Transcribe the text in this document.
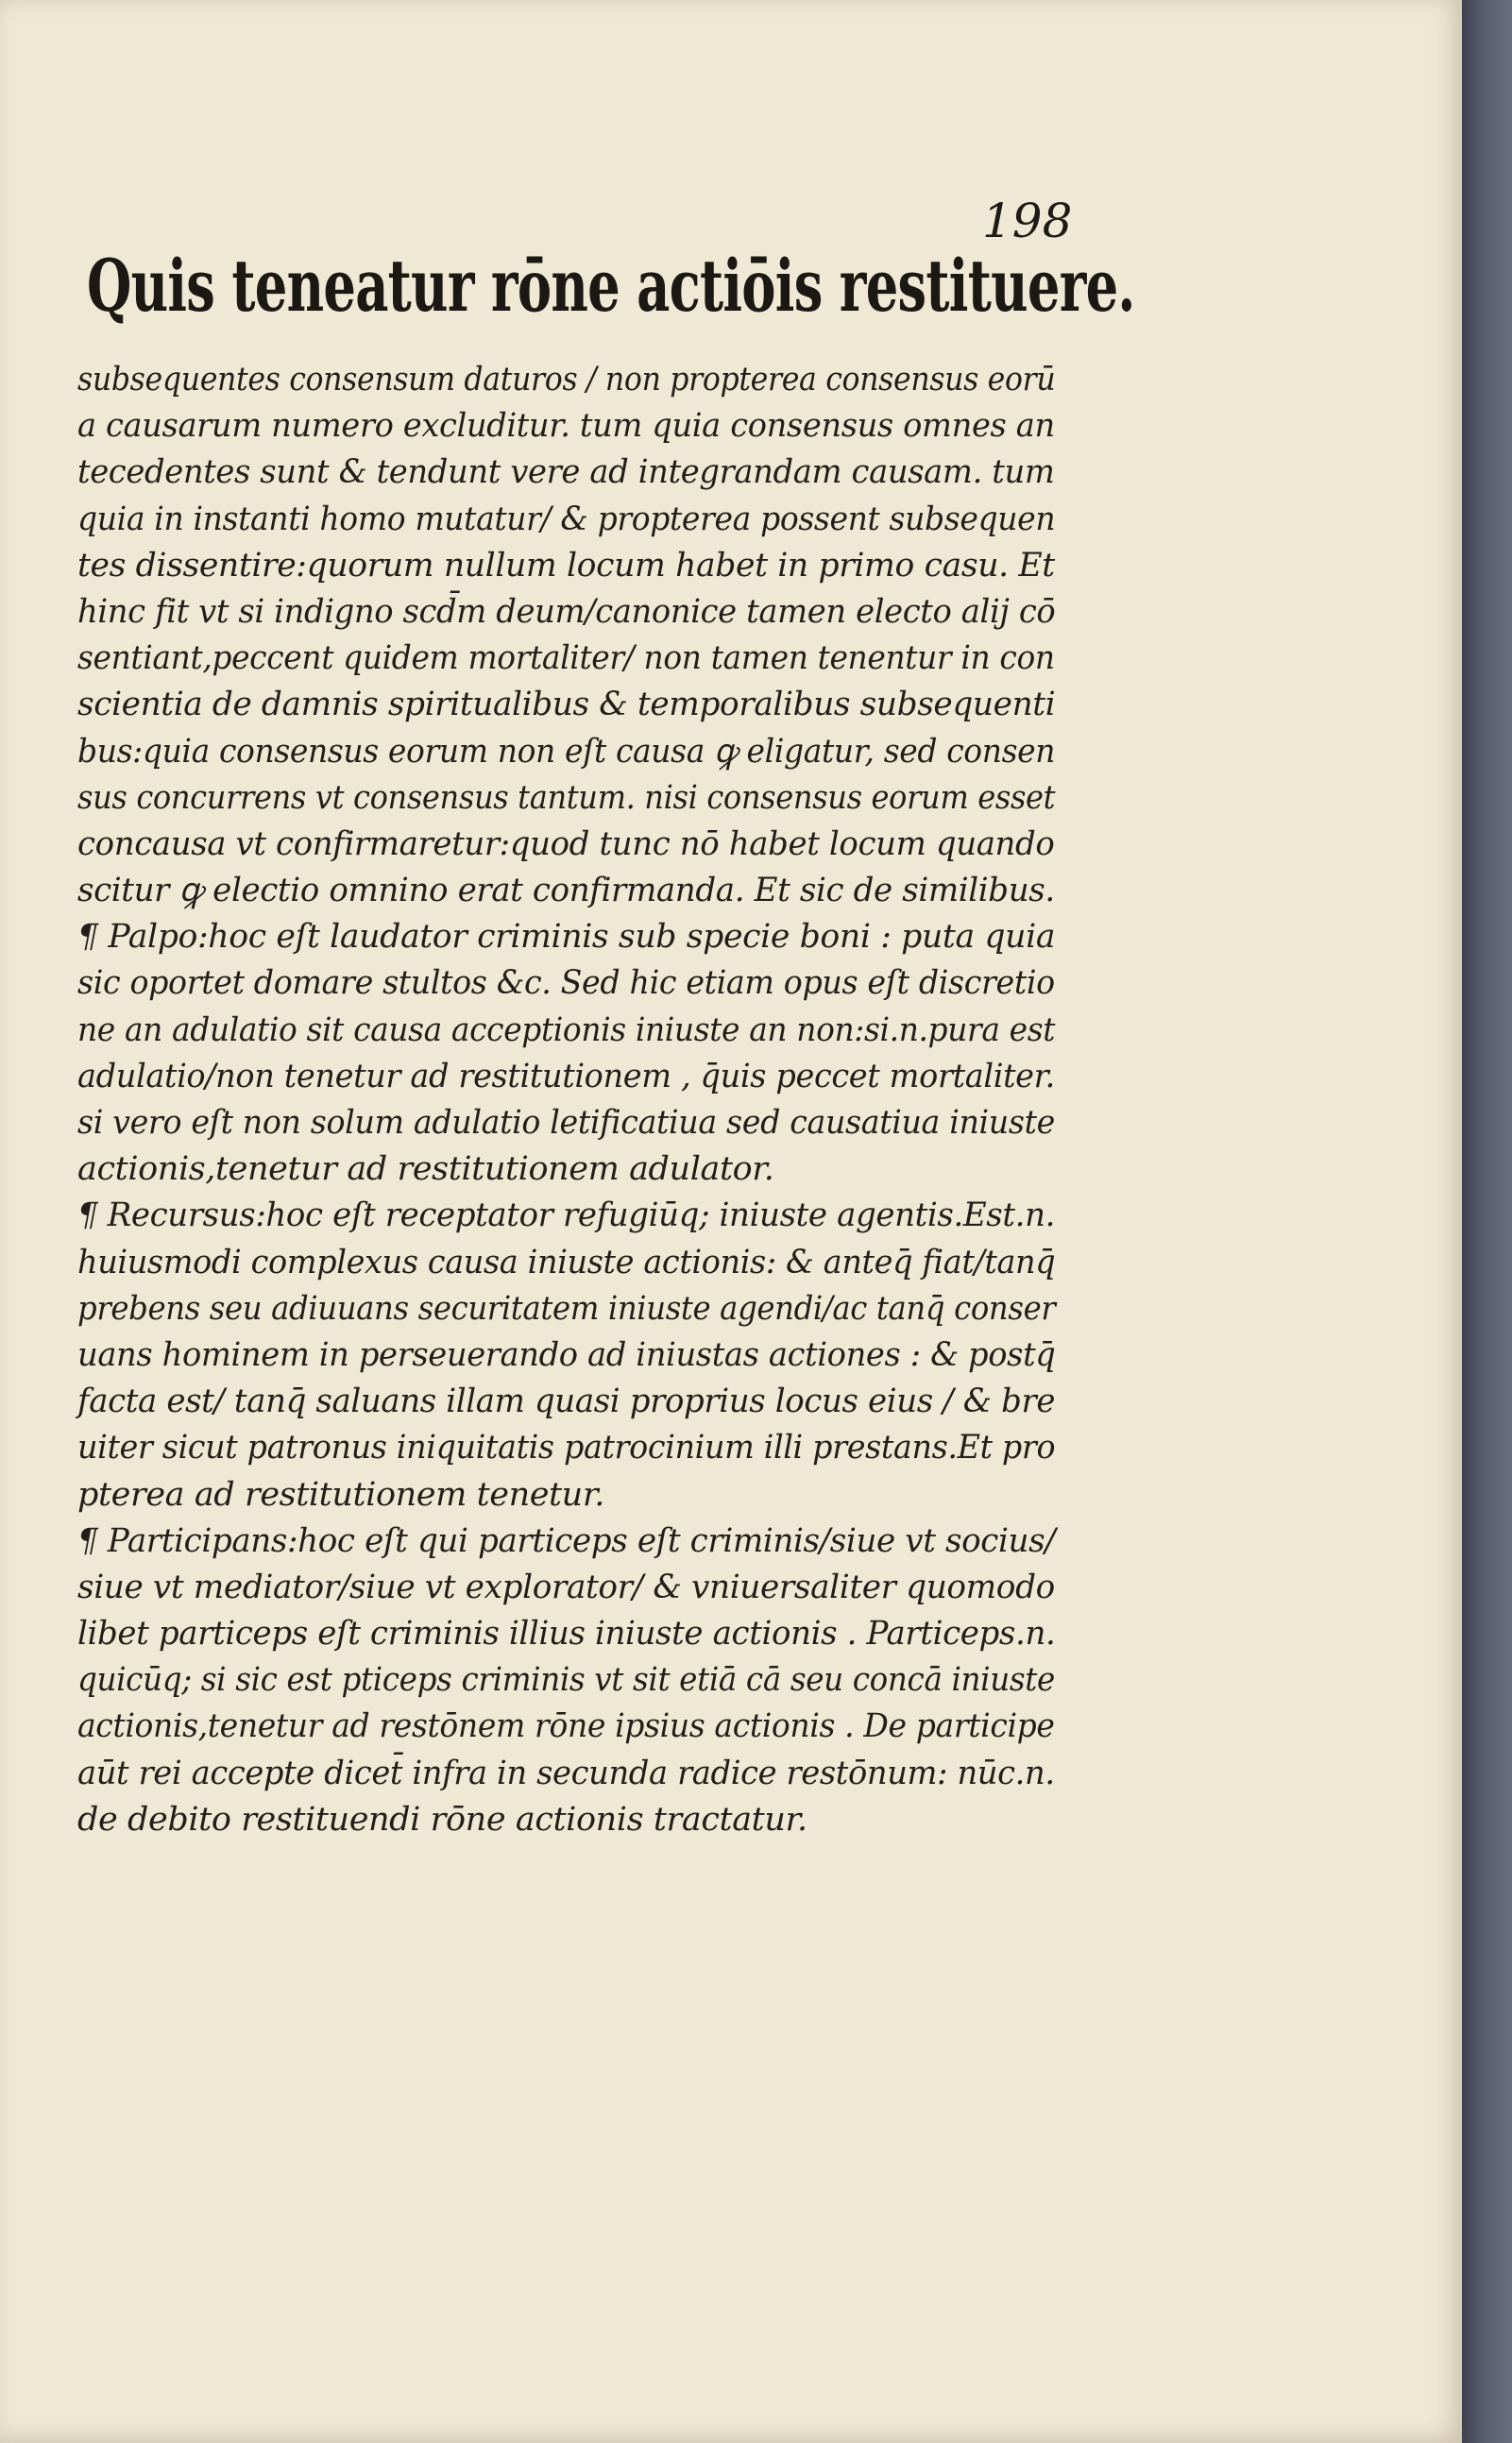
198
Quis teneatur rōne actiōis restituere.
subsequentes consensum daturos / non propterea consensus eorū
a causarum numero excluditur. tum quia consensus omnes an
tecedentes sunt & tendunt vere ad integrandam causam. tum
quia in instanti homo mutatur/ & propterea possent subsequen
tes dissentire:quorum nullum locum habet in primo casu. Et
hinc fit vt si indigno scd̄m deum/canonice tamen electo alij cō
sentiant,peccent quidem mortaliter/ non tamen tenentur in con
scientia de damnis spiritualibus & temporalibus subsequenti
bus:quia consensus eorum non eſt causa ꝙ eligatur, sed consen
sus concurrens vt consensus tantum. nisi consensus eorum esset
concausa vt confirmaretur:quod tunc nō habet locum quando
scitur ꝙ electio omnino erat confirmanda. Et sic de similibus.
¶ Palpo:hoc eſt laudator criminis sub specie boni : puta quia
sic oportet domare stultos &c. Sed hic etiam opus eſt discretio
ne an adulatio sit causa acceptionis iniuste an non:si.n.pura est
adulatio/non tenetur ad restitutionem , q̄uis peccet mortaliter.
si vero eſt non solum adulatio letificatiua sed causatiua iniuste
actionis,tenetur ad restitutionem adulator.
¶ Recursus:hoc eſt receptator refugiūq; iniuste agentis.Est.n.
huiusmodi complexus causa iniuste actionis: & anteq̄ fiat/tanq̄
prebens seu adiuuans securitatem iniuste agendi/ac tanq̄ conser
uans hominem in perseuerando ad iniustas actiones : & postq̄
facta est/ tanq̄ saluans illam quasi proprius locus eius / & bre
uiter sicut patronus iniquitatis patrocinium illi prestans.Et pro
pterea ad restitutionem tenetur.
¶ Participans:hoc eſt qui particeps eſt criminis/siue vt socius/
siue vt mediator/siue vt explorator/ & vniuersaliter quomodo
libet particeps eſt criminis illius iniuste actionis . Particeps.n.
quicūq; si sic est pticeps criminis vt sit etiā cā seu concā iniuste
actionis,tenetur ad restōnem rōne ipsius actionis . De participe
aūt rei accepte dicet̄ infra in secunda radice restōnum: nūc.n.
de debito restituendi rōne actionis tractatur.
